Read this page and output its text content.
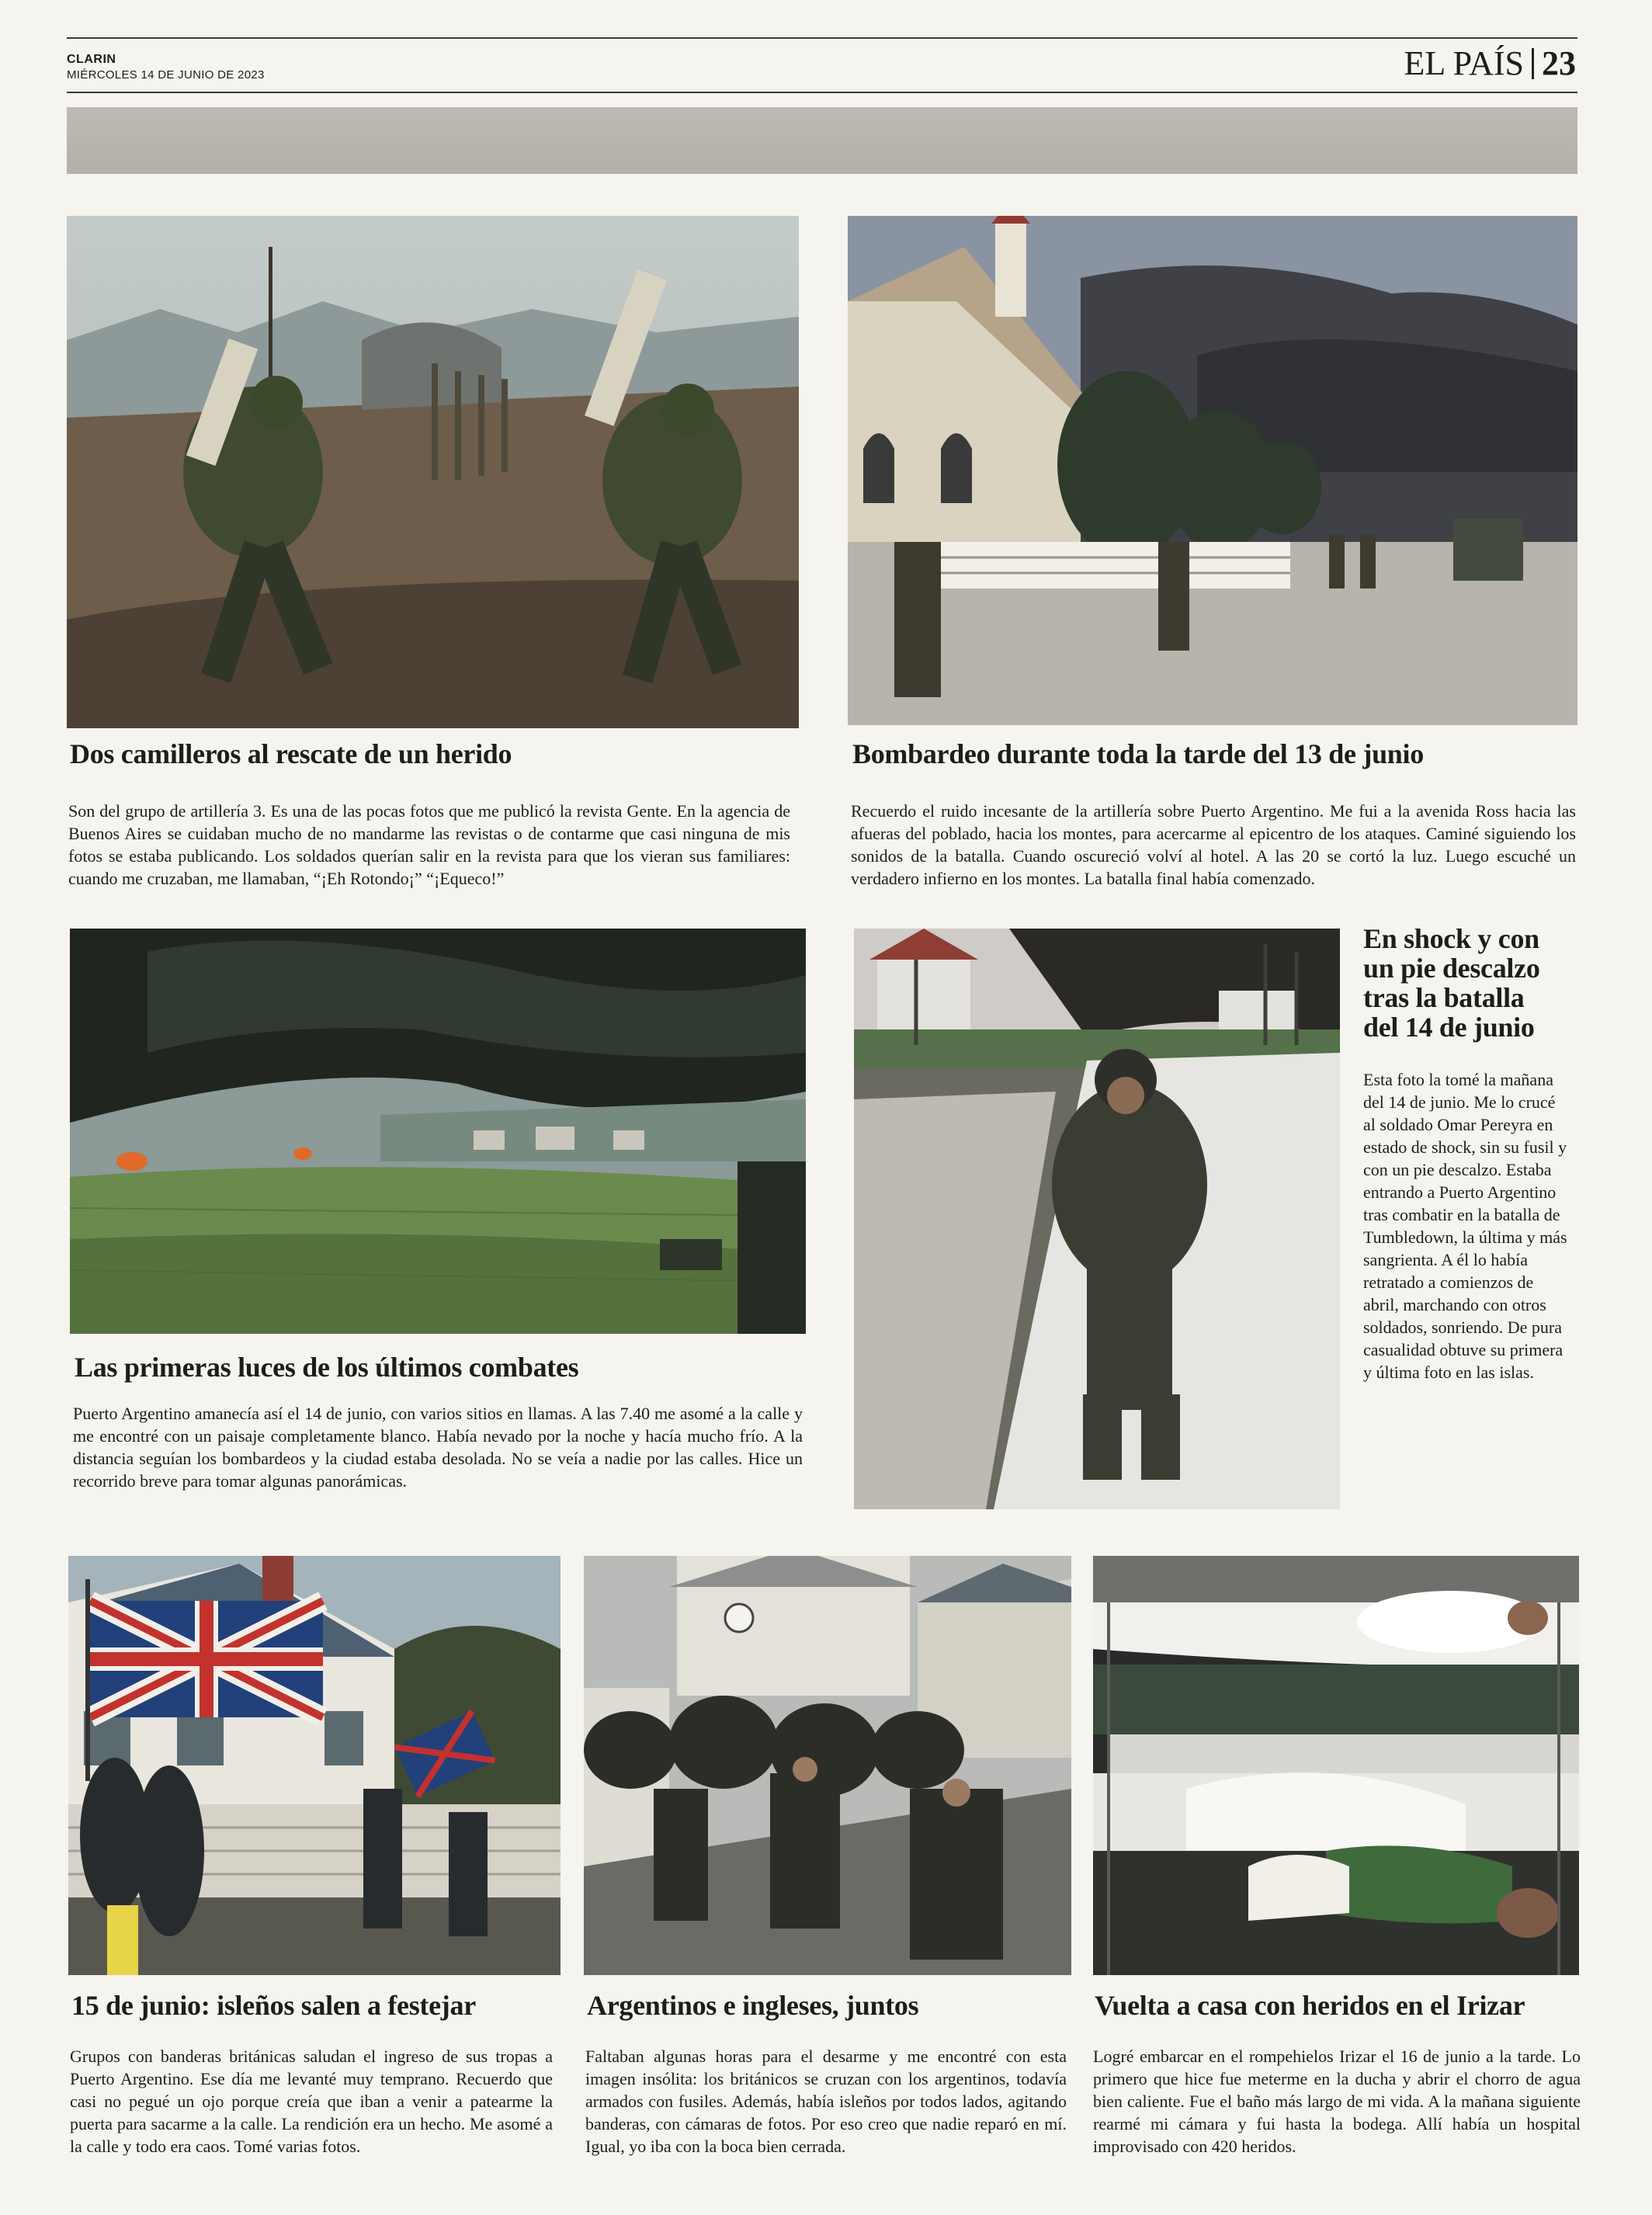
CLARIN
MIÉRCOLES 14 DE JUNIO DE 2023	EL PAÍS 23
Dos camilleros al rescate de un herido
Son del grupo de artillería 3. Es una de las pocas fotos que me publicó la revista Gente. En la agencia de Buenos Aires se cuidaban mucho de no mandarme las revistas o de contarme que casi ninguna de mis fotos se estaba publicando. Los soldados querían salir en la revista para que los vieran sus familiares: cuando me cruzaban, me llamaban, “¡Eh Rotondo¡” “¡Equeco!”
Bombardeo durante toda la tarde del 13 de junio
Recuerdo el ruido incesante de la artillería sobre Puerto Argentino. Me fui a la avenida Ross hacia las afueras del poblado, hacia los montes, para acercarme al epicentro de los ataques. Caminé siguiendo los sonidos de la batalla. Cuando oscureció volví al hotel. A las 20 se cortó la luz. Luego escuché un verdadero infierno en los montes. La batalla final había comenzado.
Las primeras luces de los últimos combates
Puerto Argentino amanecía así el 14 de junio, con varios sitios en llamas. A las 7.40 me asomé a la calle y me encontré con un paisaje completamente blanco. Había nevado por la noche y hacía mucho frío. A la distancia seguían los bombardeos y la ciudad estaba desolada. No se veía a nadie por las calles. Hice un recorrido breve para tomar algunas panorámicas.
En shock y con un pie descalzo tras la batalla del 14 de junio
Esta foto la tomé la mañana del 14 de junio. Me lo crucé al soldado Omar Pereyra en estado de shock, sin su fusil y con un pie descalzo. Estaba entrando a Puerto Argentino tras combatir en la batalla de Tumbledown, la última y más sangrienta. A él lo había retratado a comienzos de abril, marchando con otros soldados, sonriendo. De pura casualidad obtuve su primera y última foto en las islas.
15 de junio: isleños salen a festejar
Grupos con banderas británicas saludan el ingreso de sus tropas a Puerto Argentino. Ese día me levanté muy temprano. Recuerdo que casi no pegué un ojo porque creía que iban a venir a patearme la puerta para sacarme a la calle. La rendición era un hecho. Me asomé a la calle y todo era caos. Tomé varias fotos.
Argentinos e ingleses, juntos
Faltaban algunas horas para el desarme y me encontré con esta imagen insólita: los británicos se cruzan con los argentinos, todavía armados con fusiles. Además, había isleños por todos lados, agitando banderas, con cámaras de fotos. Por eso creo que nadie reparó en mí. Igual, yo iba con la boca bien cerrada.
Vuelta a casa con heridos en el Irizar
Logré embarcar en el rompehielos Irizar el 16 de junio a la tarde. Lo primero que hice fue meterme en la ducha y abrir el chorro de agua bien caliente. Fue el baño más largo de mi vida. A la mañana siguiente rearmé mi cámara y fui hasta la bodega. Allí había un hospital improvisado con 420 heridos.
